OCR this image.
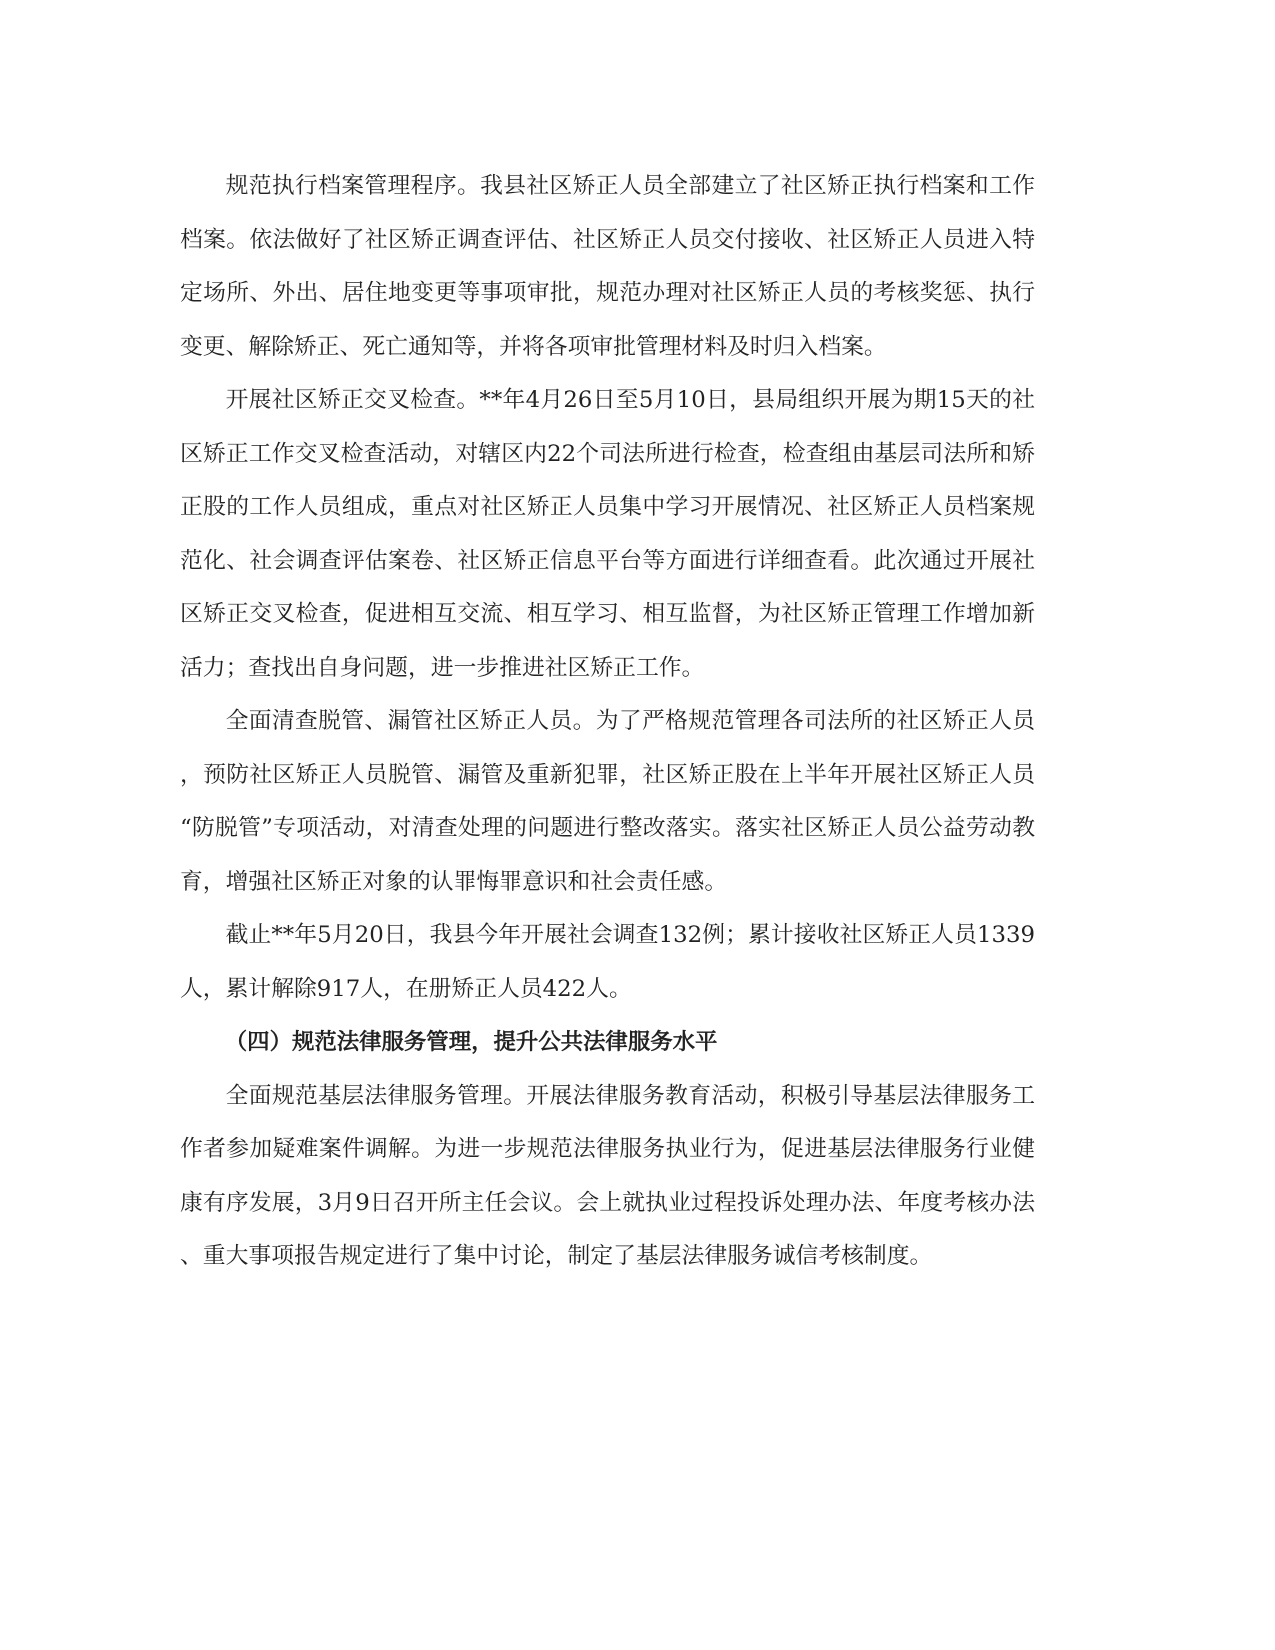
规范执行档案管理程序。我县社区矫正人员全部建立了社区矫正执行档案和工作档案。依法做好了社区矫正调查评估、社区矫正人员交付接收、社区矫正人员进入特定场所、外出、居住地变更等事项审批，规范办理对社区矫正人员的考核奖惩、执行变更、解除矫正、死亡通知等，并将各项审批管理材料及时归入档案。

开展社区矫正交叉检查。**年4月26日至5月10日，县局组织开展为期15天的社区矫正工作交叉检查活动，对辖区内22个司法所进行检查，检查组由基层司法所和矫正股的工作人员组成，重点对社区矫正人员集中学习开展情况、社区矫正人员档案规范化、社会调查评估案卷、社区矫正信息平台等方面进行详细查看。此次通过开展社区矫正交叉检查，促进相互交流、相互学习、相互监督，为社区矫正管理工作增加新活力；查找出自身问题，进一步推进社区矫正工作。

全面清查脱管、漏管社区矫正人员。为了严格规范管理各司法所的社区矫正人员，预防社区矫正人员脱管、漏管及重新犯罪，社区矫正股在上半年开展社区矫正人员“防脱管”专项活动，对清查处理的问题进行整改落实。落实社区矫正人员公益劳动教育，增强社区矫正对象的认罪悔罪意识和社会责任感。

截止**年5月20日，我县今年开展社会调查132例；累计接收社区矫正人员1339人，累计解除917人，在册矫正人员422人。

（四）规范法律服务管理，提升公共法律服务水平

全面规范基层法律服务管理。开展法律服务教育活动，积极引导基层法律服务工作者参加疑难案件调解。为进一步规范法律服务执业行为，促进基层法律服务行业健康有序发展，3月9日召开所主任会议。会上就执业过程投诉处理办法、年度考核办法、重大事项报告规定进行了集中讨论，制定了基层法律服务诚信考核制度。
